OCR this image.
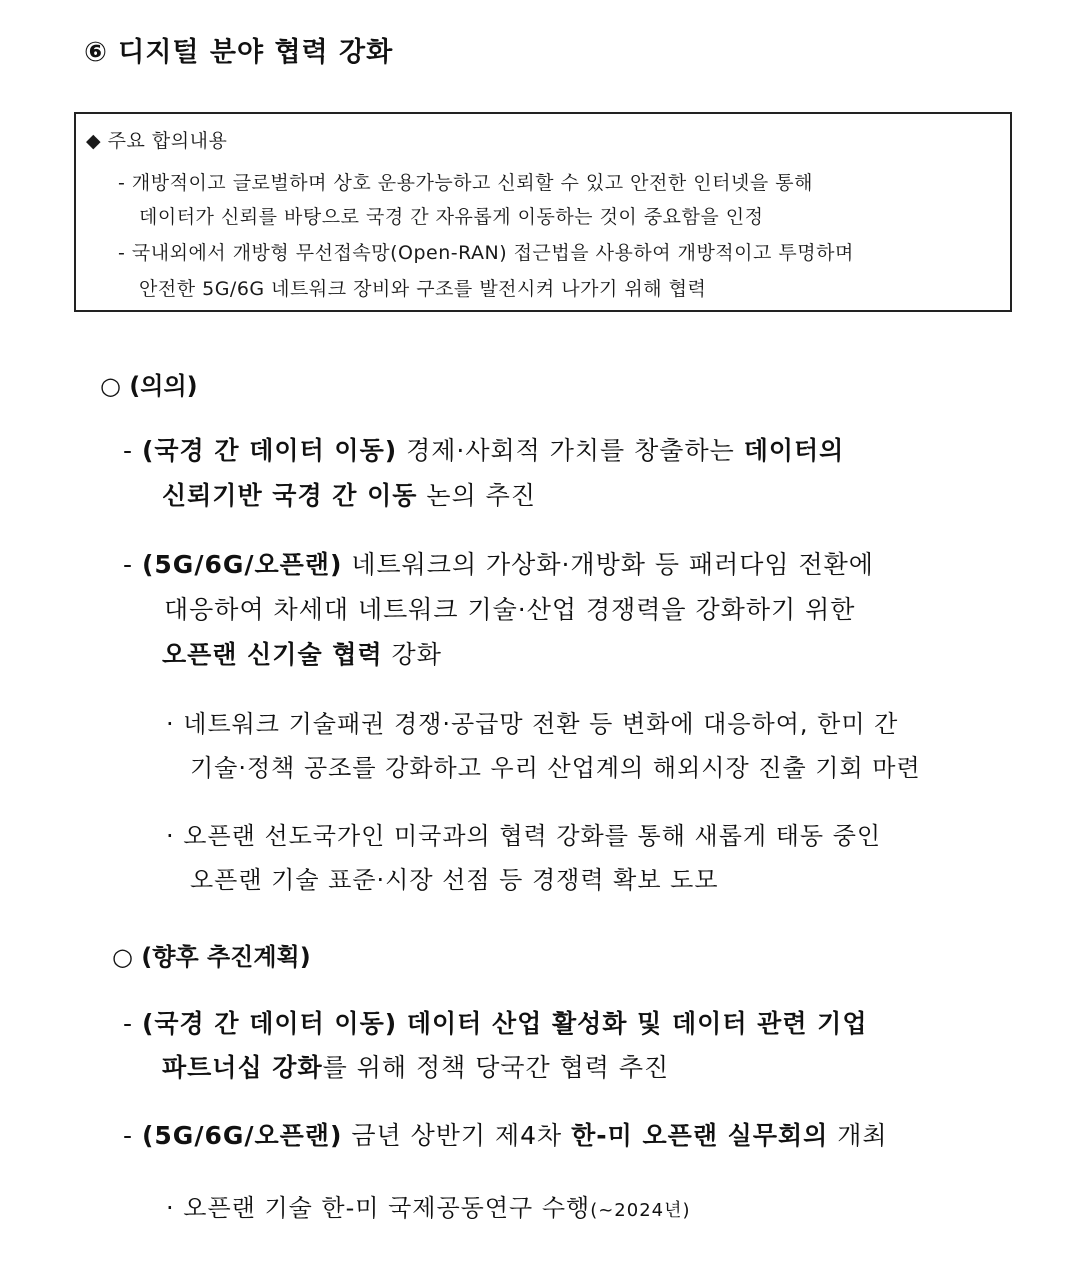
⑥ 디지털 분야 협력 강화
◆ 주요 합의내용
- 개방적이고 글로벌하며 상호 운용가능하고 신뢰할 수 있고 안전한 인터넷을 통해
데이터가 신뢰를 바탕으로 국경 간 자유롭게 이동하는 것이 중요함을 인정
- 국내외에서 개방형 무선접속망(Open-RAN) 접근법을 사용하여 개방적이고 투명하며
안전한 5G/6G 네트워크 장비와 구조를 발전시켜 나가기 위해 협력
○ (의의)
- (국경 간 데이터 이동) 경제·사회적 가치를 창출하는 데이터의
신뢰기반 국경 간 이동 논의 추진
- (5G/6G/오픈랜) 네트워크의 가상화·개방화 등 패러다임 전환에
대응하여 차세대 네트워크 기술·산업 경쟁력을 강화하기 위한
오픈랜 신기술 협력 강화
· 네트워크 기술패권 경쟁·공급망 전환 등 변화에 대응하여, 한미 간
기술·정책 공조를 강화하고 우리 산업계의 해외시장 진출 기회 마련
· 오픈랜 선도국가인 미국과의 협력 강화를 통해 새롭게 태동 중인
오픈랜 기술 표준·시장 선점 등 경쟁력 확보 도모
○ (향후 추진계획)
- (국경 간 데이터 이동) 데이터 산업 활성화 및 데이터 관련 기업
파트너십 강화를 위해 정책 당국간 협력 추진
- (5G/6G/오픈랜) 금년 상반기 제4차 한-미 오픈랜 실무회의 개최
· 오픈랜 기술 한-미 국제공동연구 수행(~2024년)
